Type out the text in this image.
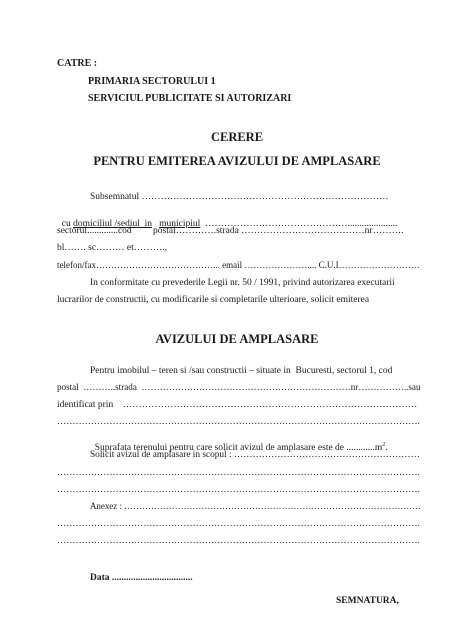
CATRE :
PRIMARIA SECTORULUI 1
SERVICIUL PUBLICITATE SI AUTORIZARI
CERERE
PENTRU EMITEREA AVIZULUI DE AMPLASARE
Subsemnatul ……………………………………………………………………

cu domiciliul /sediul  in municipiul  ……………………………………….....................

sectorul.............cod         postal………….strada …………………………………nr……….
bl……. sc……… et……….,
telefon/fax…………………………………... email ………………….... C.U.I………………………
In conformitate cu prevederile Legii nr. 50 / 1991, privind autorizarea executarii
lucrarilor de constructii, cu modificarile si completarile ulterioare, solicit emiterea
AVIZULUI DE AMPLASARE
Pentru imobilul – teren si /sau constructii – situate in  Bucuresti, sectorul 1, cod
postal  ………..strada  ……………………………………………………………nr……………..sau
identificat prin    …………………………………………………………………………………
……………………………………………………………………………………………………….

Suprafata terenului pentru care solicit avizul de amplasare este de $............m^2$.

Solicit avizul de amplasare in scopul : ……………………………………………………
……………………………………………………………………………………………………….
……………………………………………………………………………………………………….
Anexez : ……………………………………………………………………………………….
……………………………………………………………………………………………………….
……………………………………………………………………………………………………….
Data ..................................
SEMNATURA,
